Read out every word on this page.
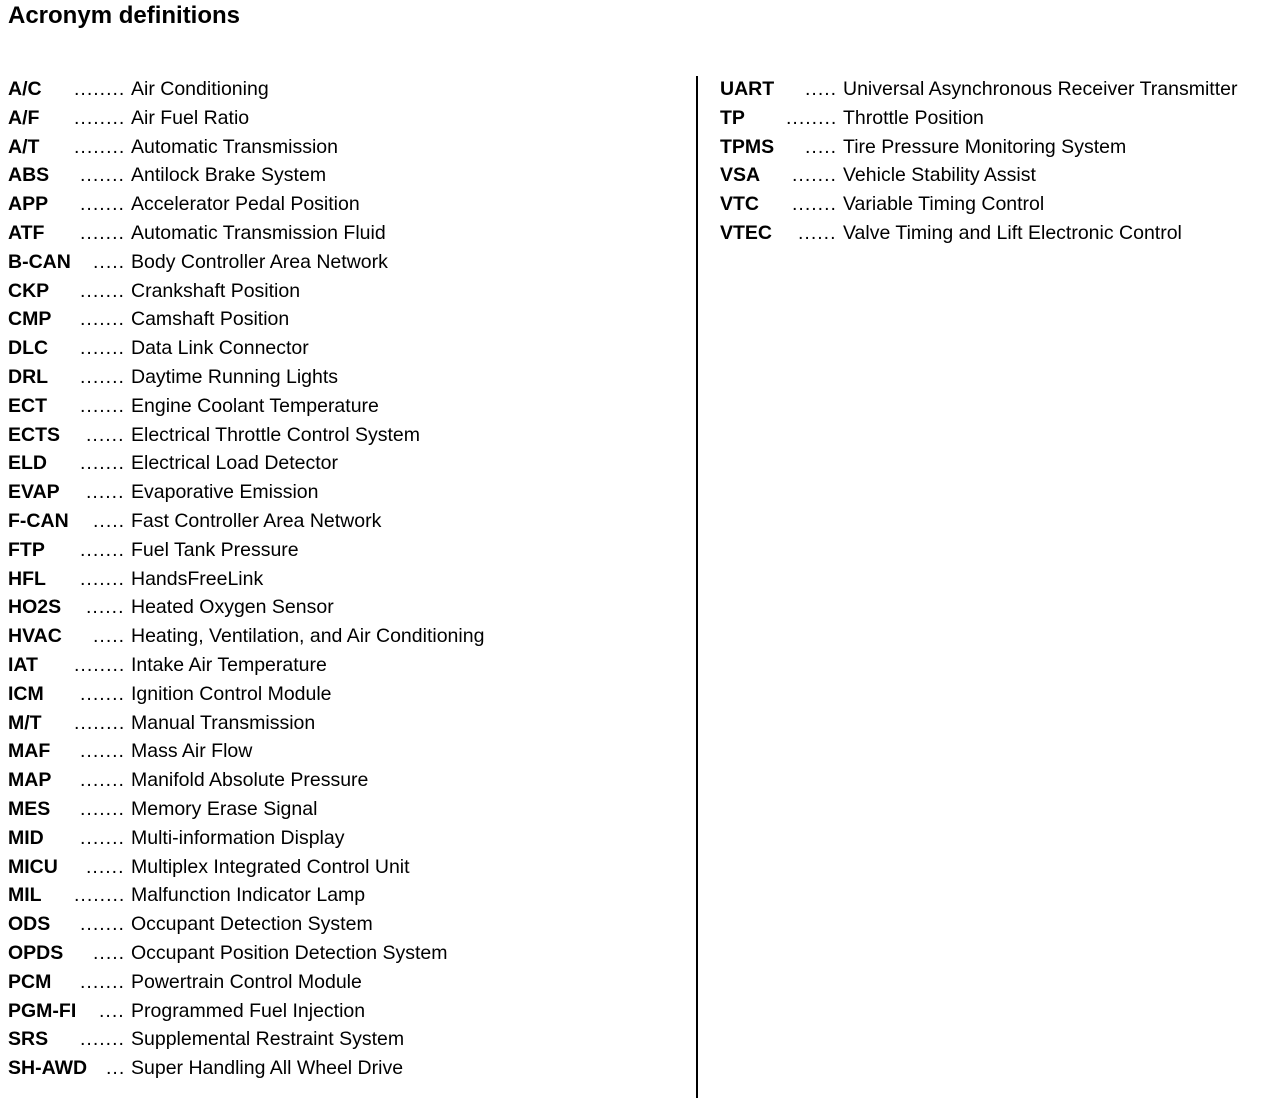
Acronym definitions
A/C ........ Air Conditioning
A/F ........ Air Fuel Ratio
A/T ........ Automatic Transmission
ABS ....... Antilock Brake System
APP ....... Accelerator Pedal Position
ATF ....... Automatic Transmission Fluid
B-CAN ..... Body Controller Area Network
CKP ....... Crankshaft Position
CMP ....... Camshaft Position
DLC ....... Data Link Connector
DRL ....... Daytime Running Lights
ECT ....... Engine Coolant Temperature
ECTS ...... Electrical Throttle Control System
ELD ....... Electrical Load Detector
EVAP ...... Evaporative Emission
F-CAN ..... Fast Controller Area Network
FTP ....... Fuel Tank Pressure
HFL ....... HandsFreeLink
HO2S ...... Heated Oxygen Sensor
HVAC ..... Heating, Ventilation, and Air Conditioning
IAT ........ Intake Air Temperature
ICM ....... Ignition Control Module
M/T ........ Manual Transmission
MAF ....... Mass Air Flow
MAP ....... Manifold Absolute Pressure
MES ....... Memory Erase Signal
MID ....... Multi-information Display
MICU ...... Multiplex Integrated Control Unit
MIL ........ Malfunction Indicator Lamp
ODS ....... Occupant Detection System
OPDS ..... Occupant Position Detection System
PCM ....... Powertrain Control Module
PGM-FI .... Programmed Fuel Injection
SRS ....... Supplemental Restraint System
SH-AWD ... Super Handling All Wheel Drive
UART ..... Universal Asynchronous Receiver Transmitter
TP ........ Throttle Position
TPMS ..... Tire Pressure Monitoring System
VSA ....... Vehicle Stability Assist
VTC ....... Variable Timing Control
VTEC ...... Valve Timing and Lift Electronic Control
